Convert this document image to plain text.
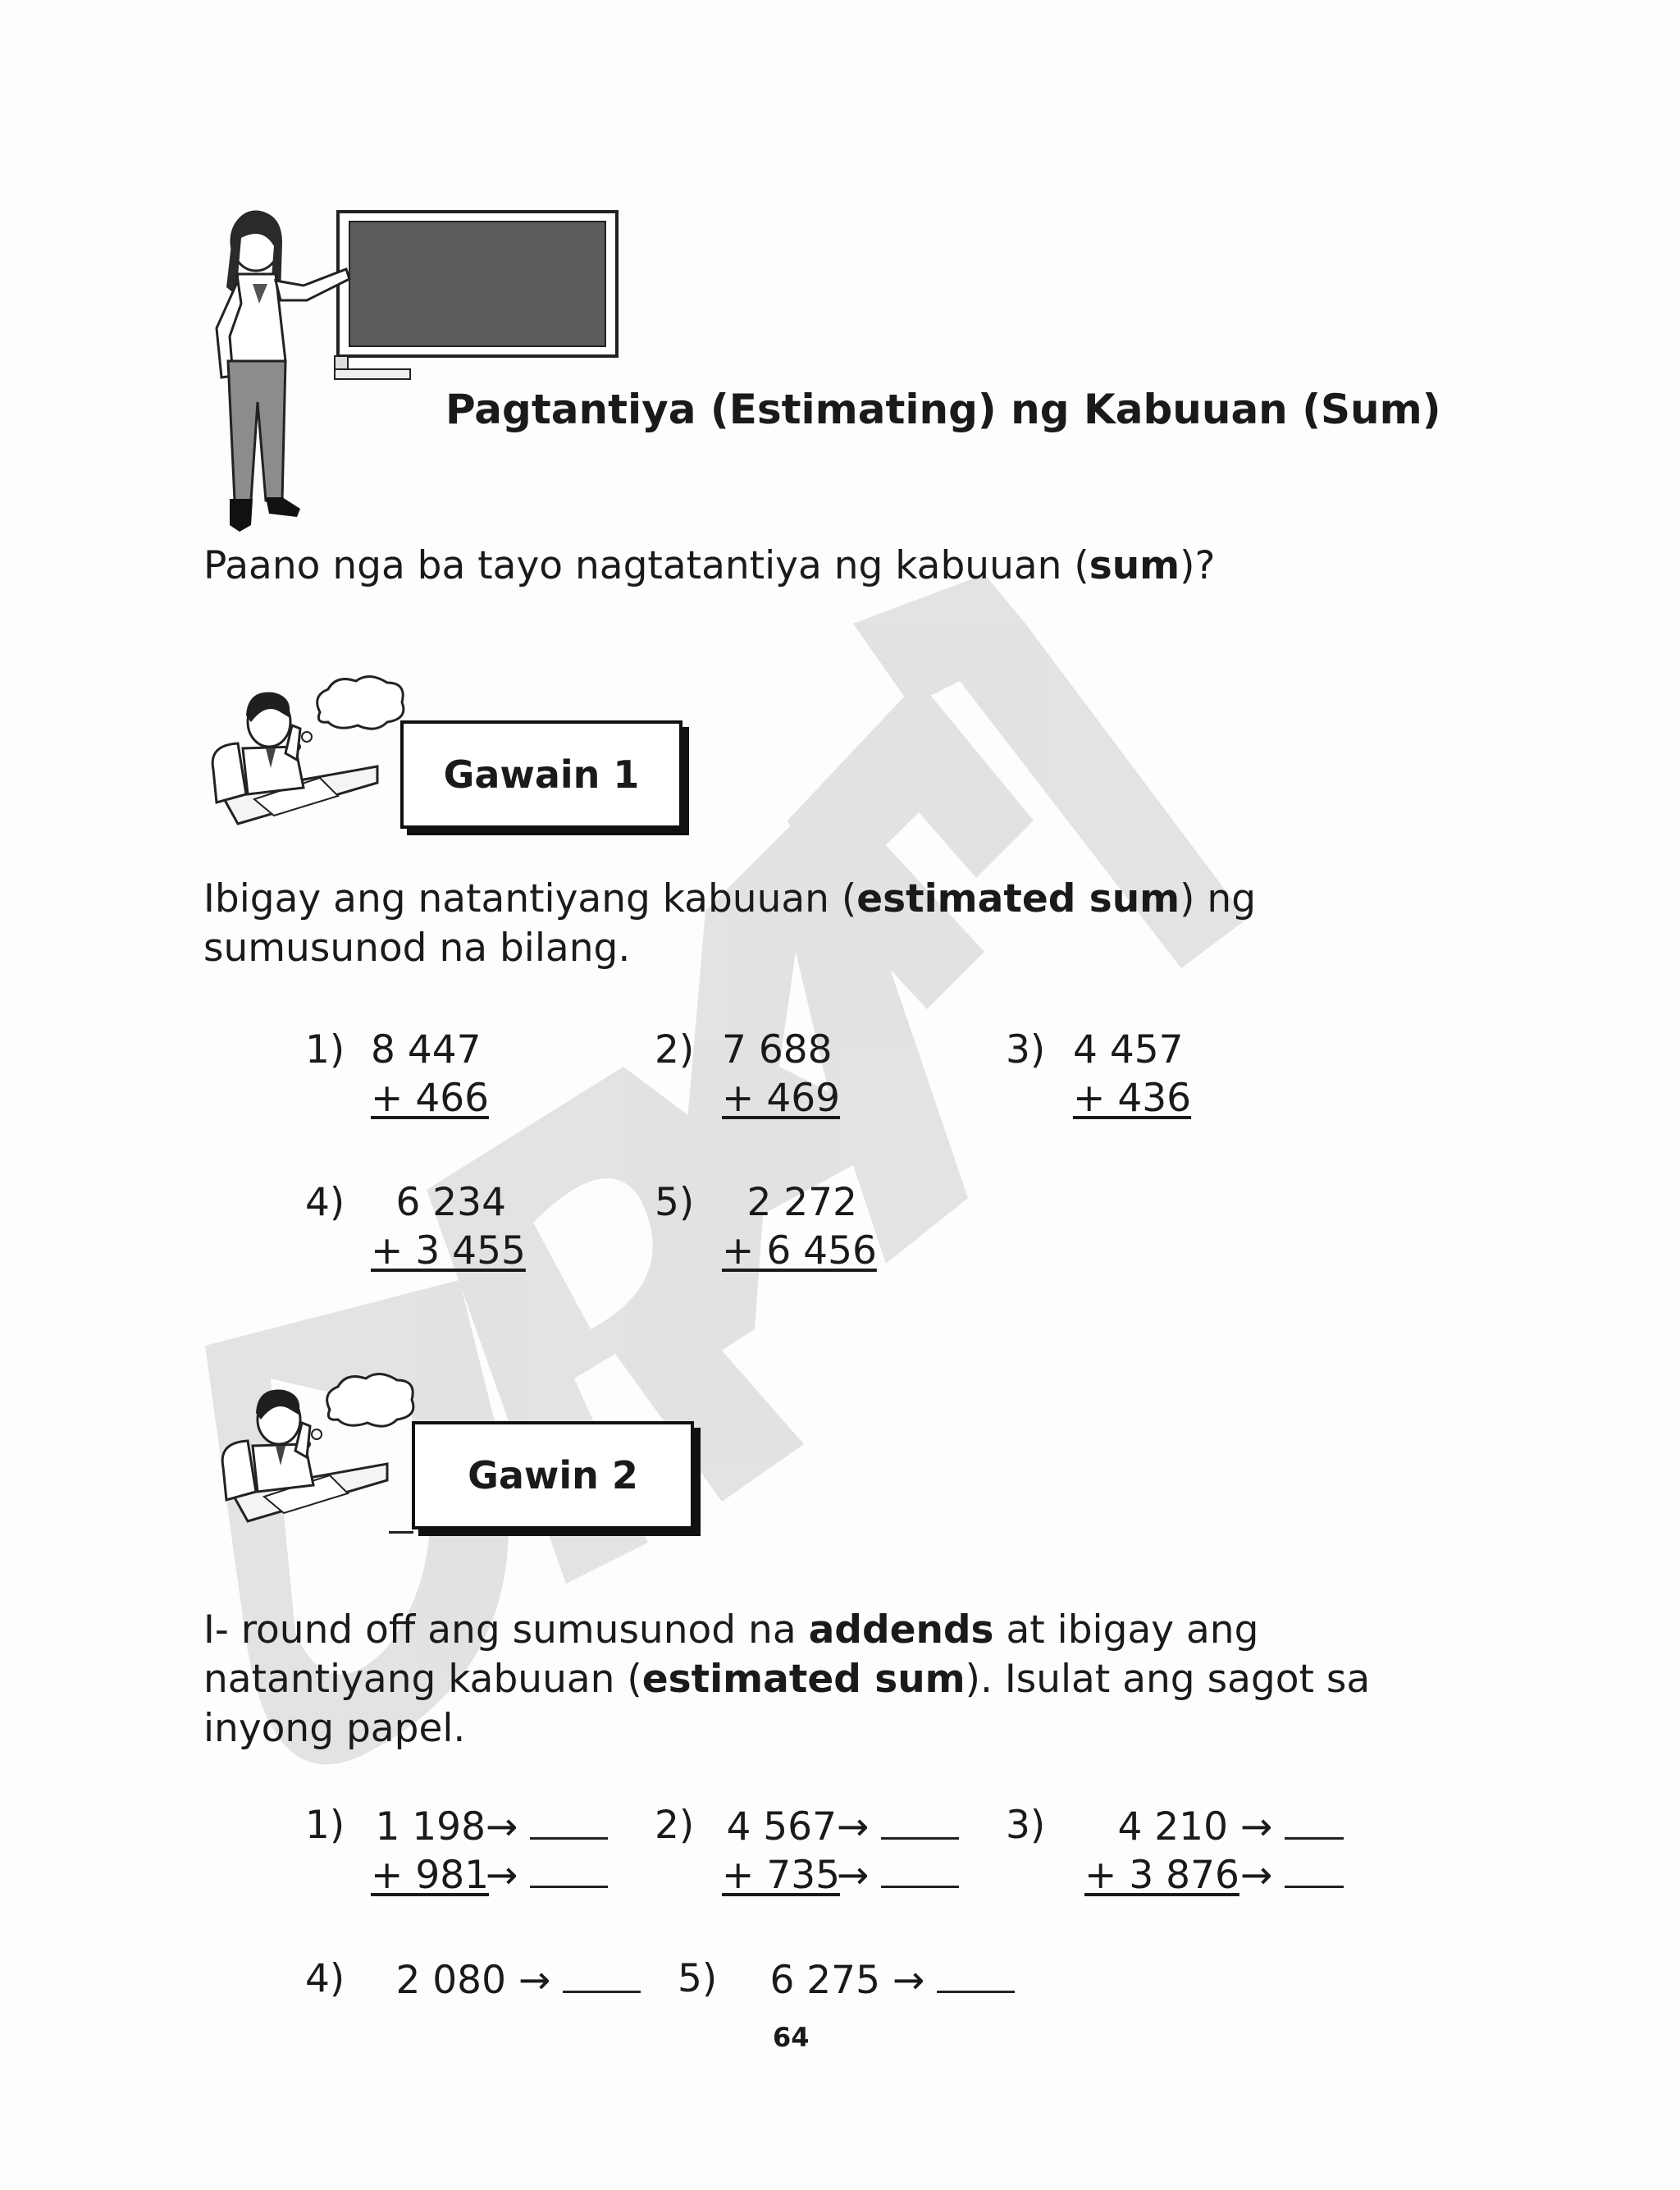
Pagtantiya (Estimating) ng Kabuuan (Sum)
Paano nga ba tayo nagtatantiya ng kabuuan (sum)?
Gawain 1
Ibigay ang natantiyang kabuuan (estimated sum) ng
sumusunod na bilang.
1) 8 447
+ 466
2) 7 688
+ 469
3) 4 457
+ 436
4)	6 234
+ 3 455
5)	2 272
+ 6 456
Gawin 2
I- round off ang sumusunod na addends at ibigay ang
natantiyang kabuuan (estimated sum). Isulat ang sagot sa
inyong papel.
1) 1 198→
+ 981→
2) 4 567→
+ 735→
3)	4 210 →
+ 3 876 →
4)	2 080 →	5)	6 275 →
64
